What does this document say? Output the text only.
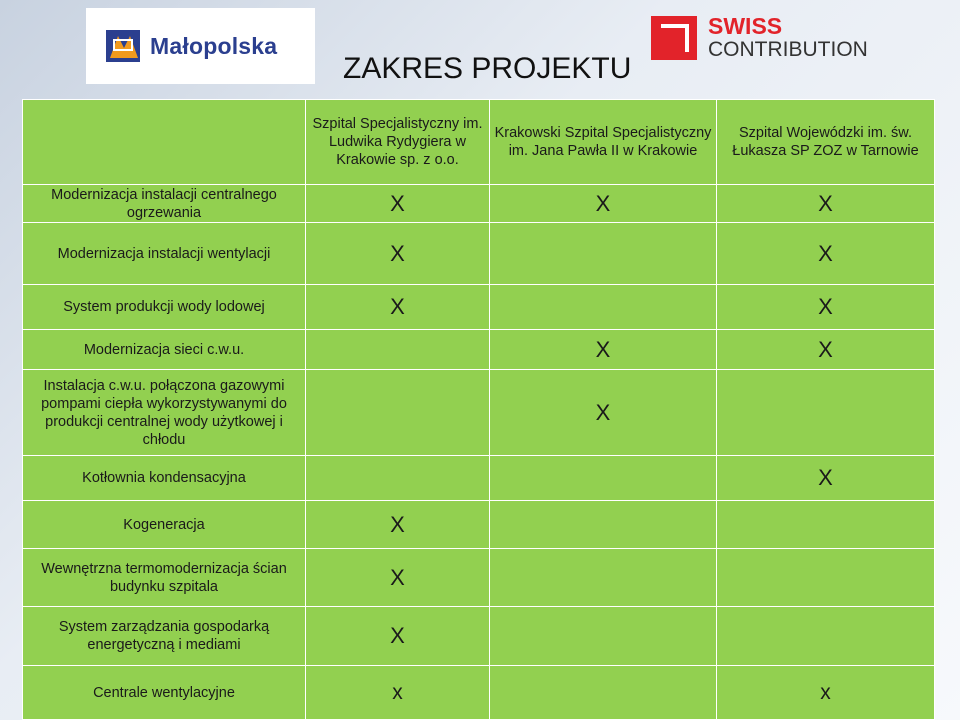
Małopolska
SWISS
CONTRIBUTION
ZAKRES PROJEKTU
	Szpital Specjalistyczny im. Ludwika Rydygiera w Krakowie sp. z o.o.	Krakowski Szpital Specjalistyczny im. Jana Pawła II w Krakowie	Szpital Wojewódzki im. św. Łukasza SP ZOZ w Tarnowie
Modernizacja instalacji centralnego ogrzewania	X	X	X
Modernizacja instalacji wentylacji	X		X
System produkcji wody lodowej	X		X
Modernizacja sieci c.w.u.		X	X
Instalacja c.w.u. połączona gazowymi pompami ciepła wykorzystywanymi do produkcji centralnej wody użytkowej i chłodu		X	
Kotłownia kondensacyjna			X
Kogeneracja	X		
Wewnętrzna termomodernizacja ścian budynku szpitala	X		
System zarządzania gospodarką energetyczną i mediami	X		
Centrale wentylacyjne	x		x
